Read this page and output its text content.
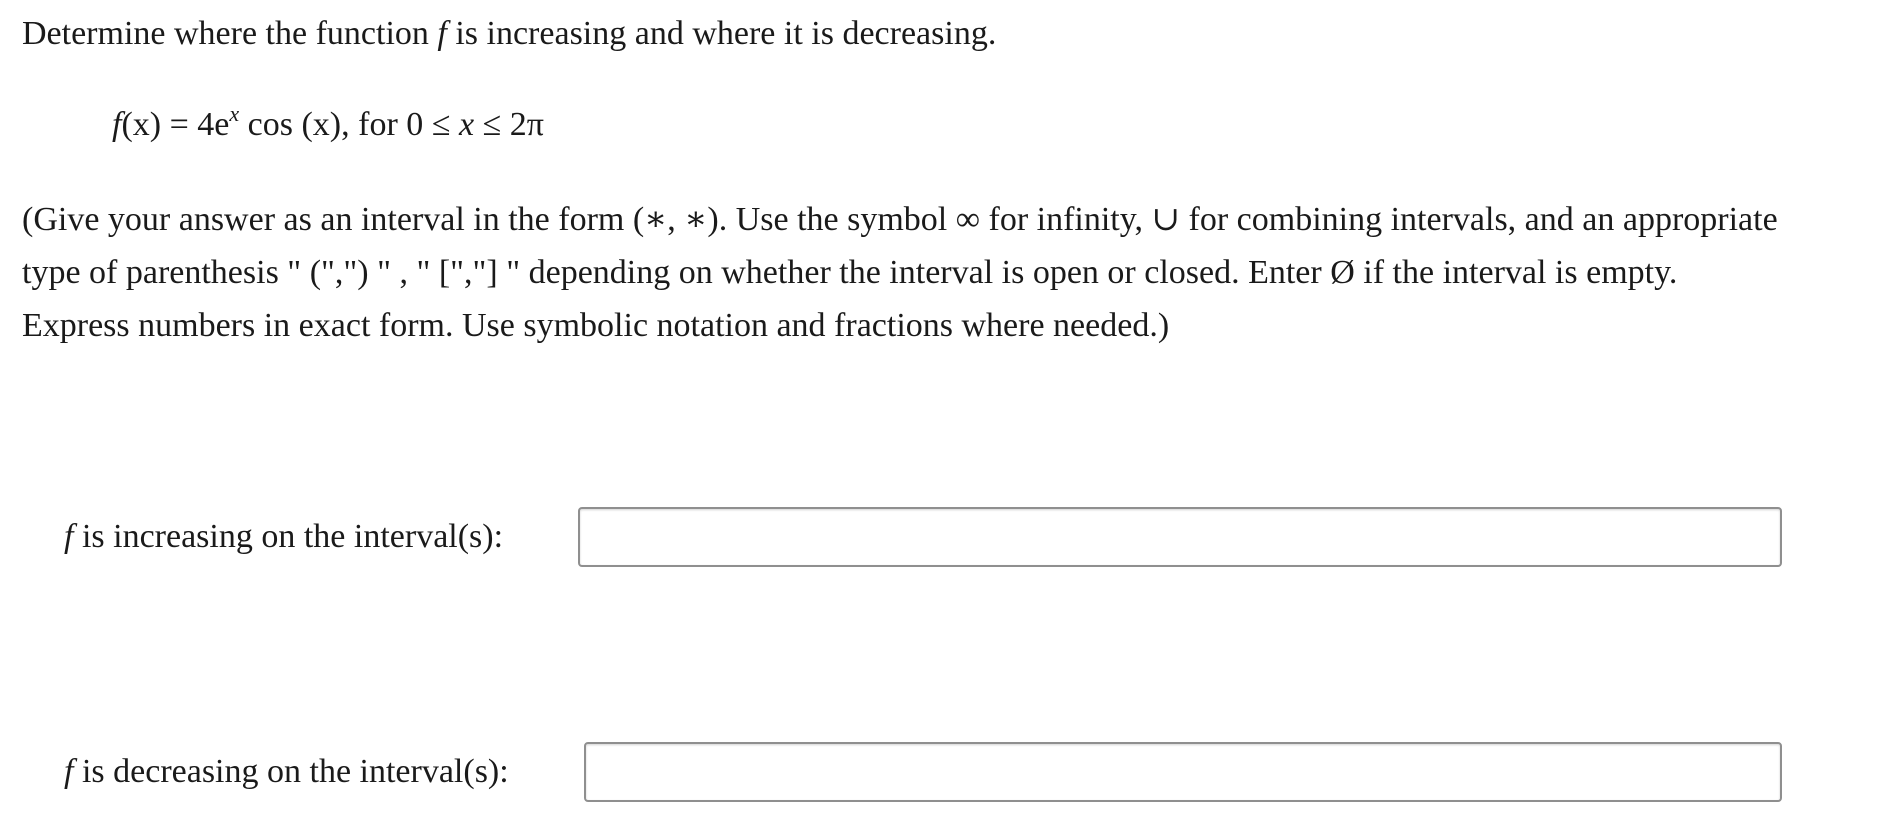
Determine where the function f is increasing and where it is decreasing.
$f(x) = 4e^x$ cos (x), for 0 ≤ x ≤ 2π
(Give your answer as an interval in the form (∗, ∗). Use the symbol ∞ for infinity, ∪ for combining intervals, and an appropriate
type of parenthesis " (",") " , " [","] " depending on whether the interval is open or closed. Enter Ø if the interval is empty.
Express numbers in exact form. Use symbolic notation and fractions where needed.)
f is increasing on the interval(s):
f is decreasing on the interval(s):
